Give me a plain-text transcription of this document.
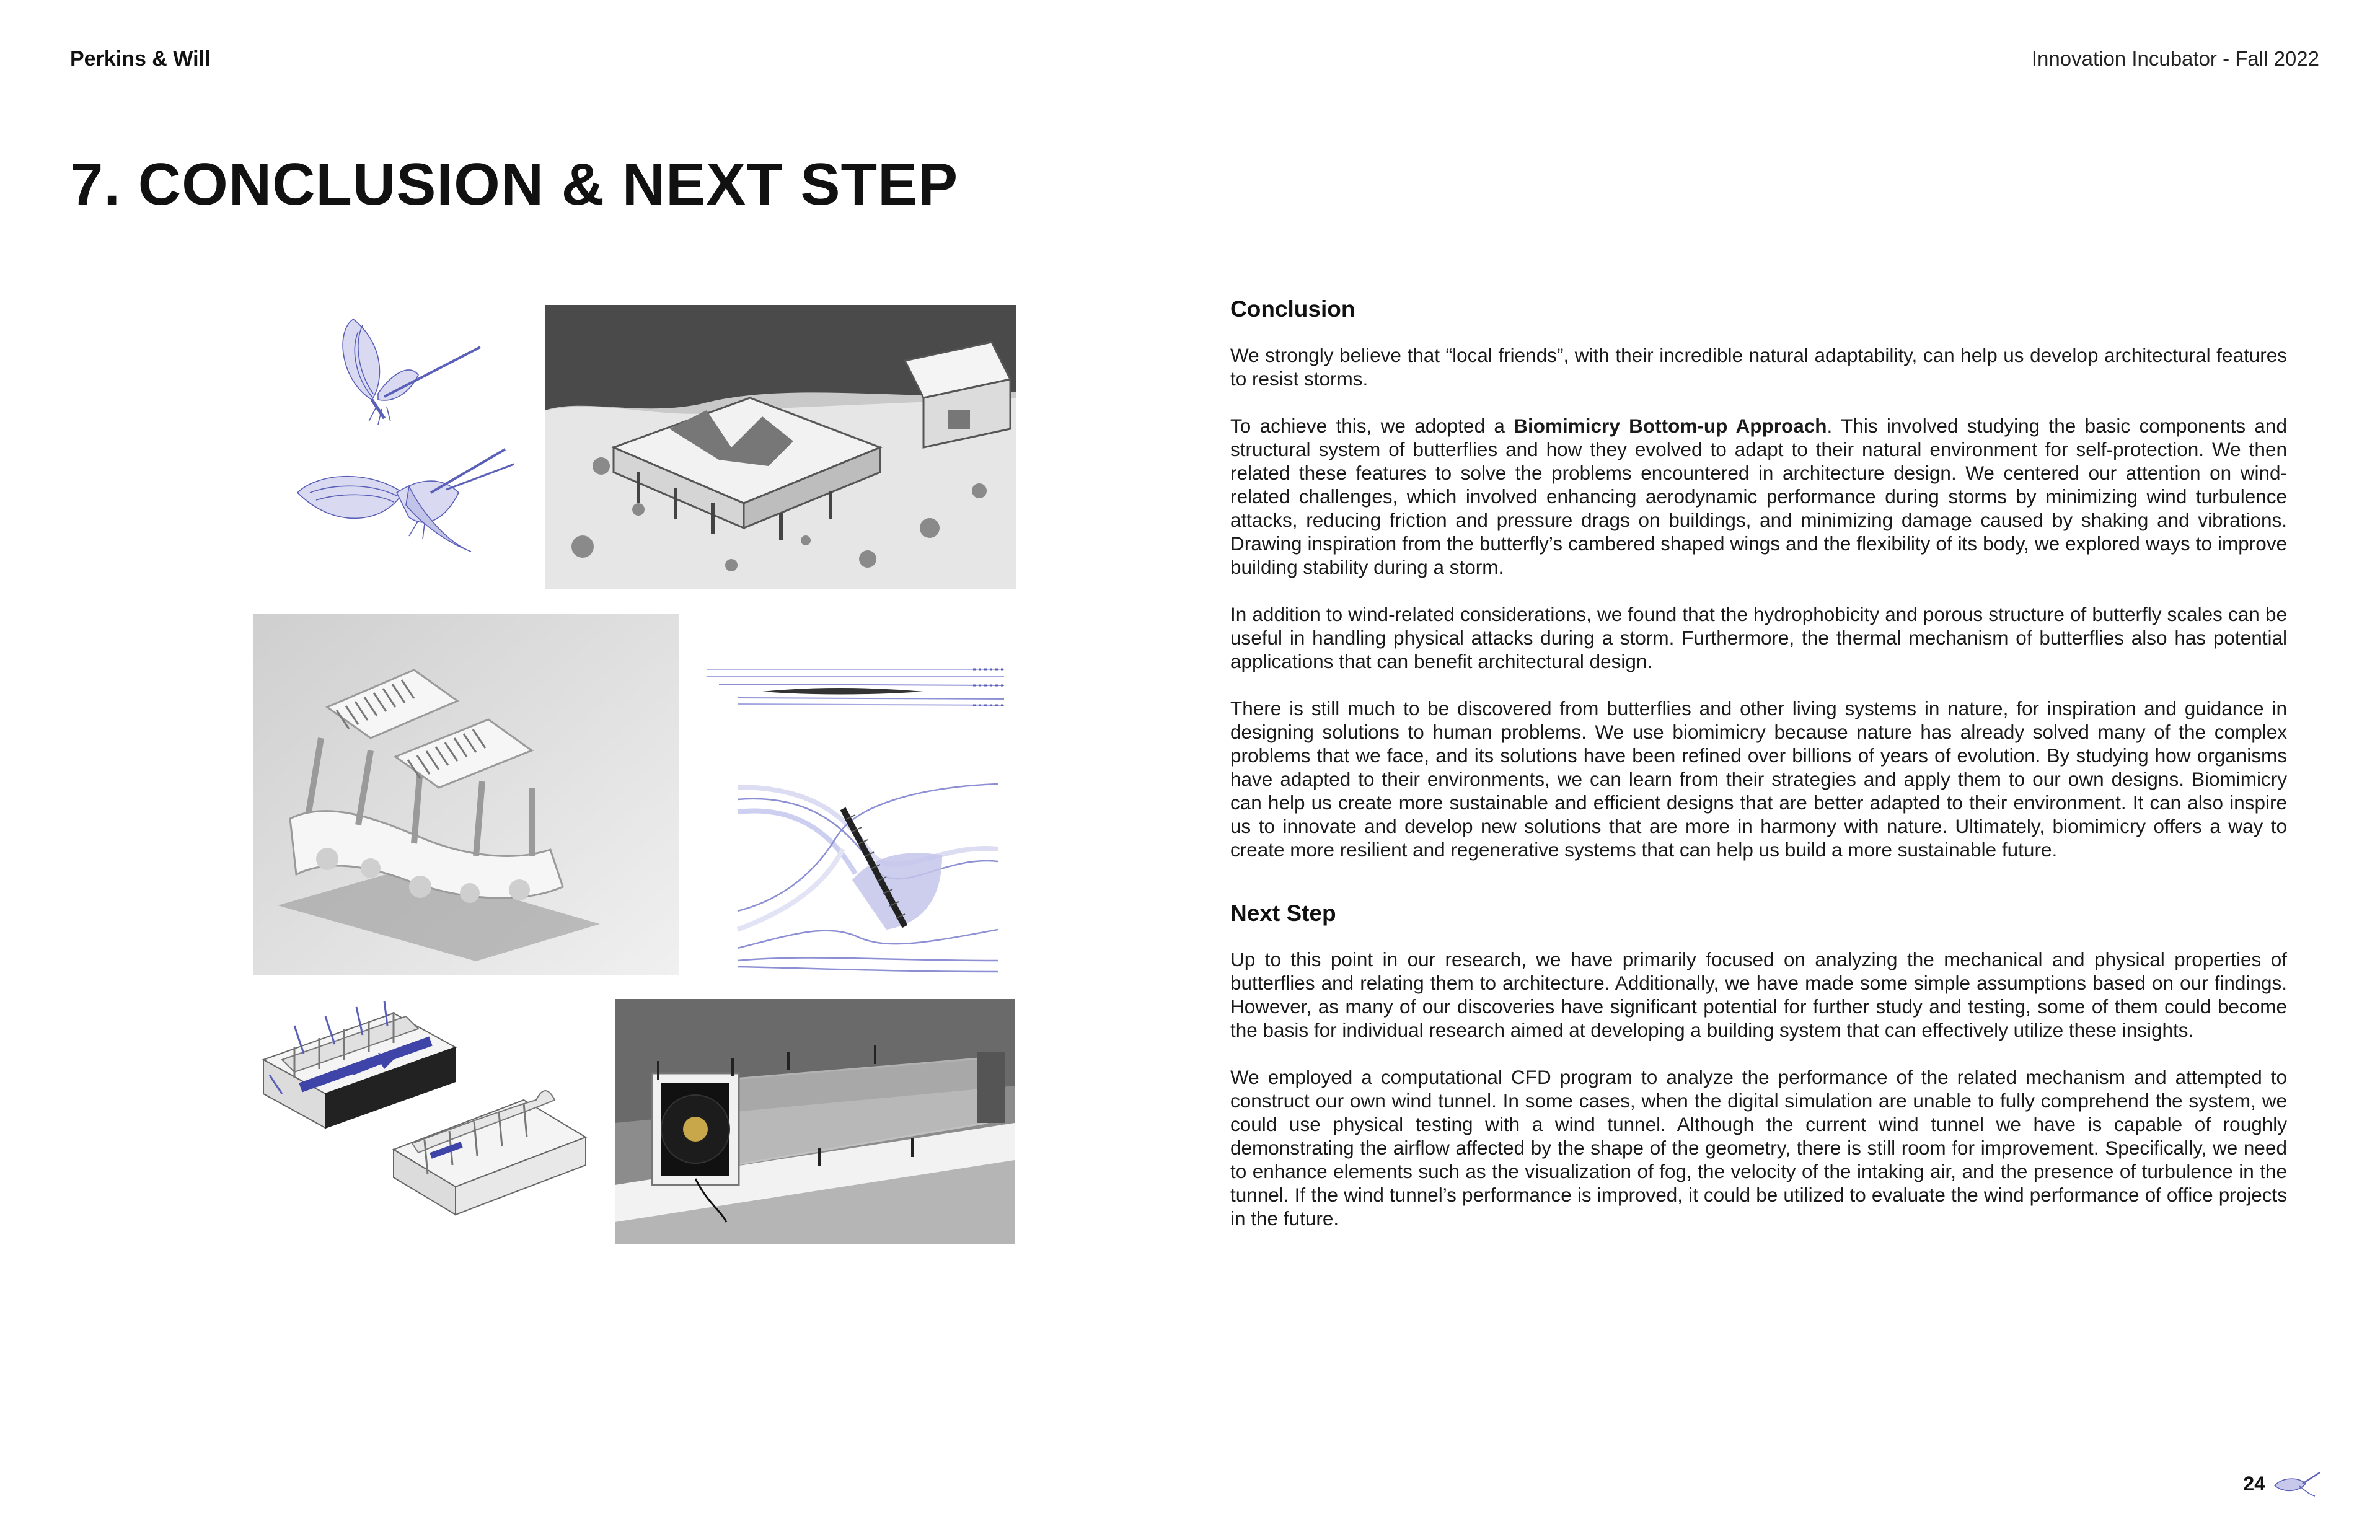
Perkins & Will	Innovation Incubator - Fall 2022
7. CONCLUSION & NEXT STEP
Conclusion

We strongly believe that “local friends”, with their incredible natural adaptability, can help us develop architectural features to resist storms.

To achieve this, we adopted a Biomimicry Bottom-up Approach. This involved studying the basic components and structural system of butterflies and how they evolved to adapt to their natural environment for self-protection. We then related these features to solve the problems encountered in architecture design. We centered our attention on wind-related challenges, which involved enhancing aerodynamic performance during storms by minimizing wind turbulence attacks, reducing friction and pressure drags on buildings, and minimizing damage caused by shaking and vibrations. Drawing inspiration from the butterfly’s cambered shaped wings and the flexibility of its body, we explored ways to improve building stability during a storm.

In addition to wind-related considerations, we found that the hydrophobicity and porous structure of butterfly scales can be useful in handling physical attacks during a storm. Furthermore, the thermal mechanism of butterflies also has potential applications that can benefit architectural design.

There is still much to be discovered from butterflies and other living systems in nature, for inspiration and guidance in designing solutions to human problems. We use biomimicry because nature has already solved many of the complex problems that we face, and its solutions have been refined over billions of years of evolution. By studying how organisms have adapted to their environments, we can learn from their strategies and apply them to our own designs. Biomimicry can help us create more sustainable and efficient designs that are better adapted to their environment. It can also inspire us to innovate and develop new solutions that are more in harmony with nature. Ultimately, biomimicry offers a way to create more resilient and regenerative systems that can help us build a more sustainable future.

Next Step

Up to this point in our research, we have primarily focused on analyzing the mechanical and physical properties of butterflies and relating them to architecture. Additionally, we have made some simple assumptions based on our findings. However, as many of our discoveries have significant potential for further study and testing, some of them could become the basis for individual research aimed at developing a building system that can effectively utilize these insights.

We employed a computational CFD program to analyze the performance of the related mechanism and attempted to construct our own wind tunnel. In some cases, when the digital simulation are unable to fully comprehend the system, we could use physical testing with a wind tunnel. Although the current wind tunnel we have is capable of roughly demonstrating the airflow affected by the shape of the geometry, there is still room for improvement. Specifically, we need to enhance elements such as the visualization of fog, the velocity of the intaking air, and the presence of turbulence in the tunnel. If the wind tunnel’s performance is improved, it could be utilized to evaluate the wind performance of office projects in the future.

24
